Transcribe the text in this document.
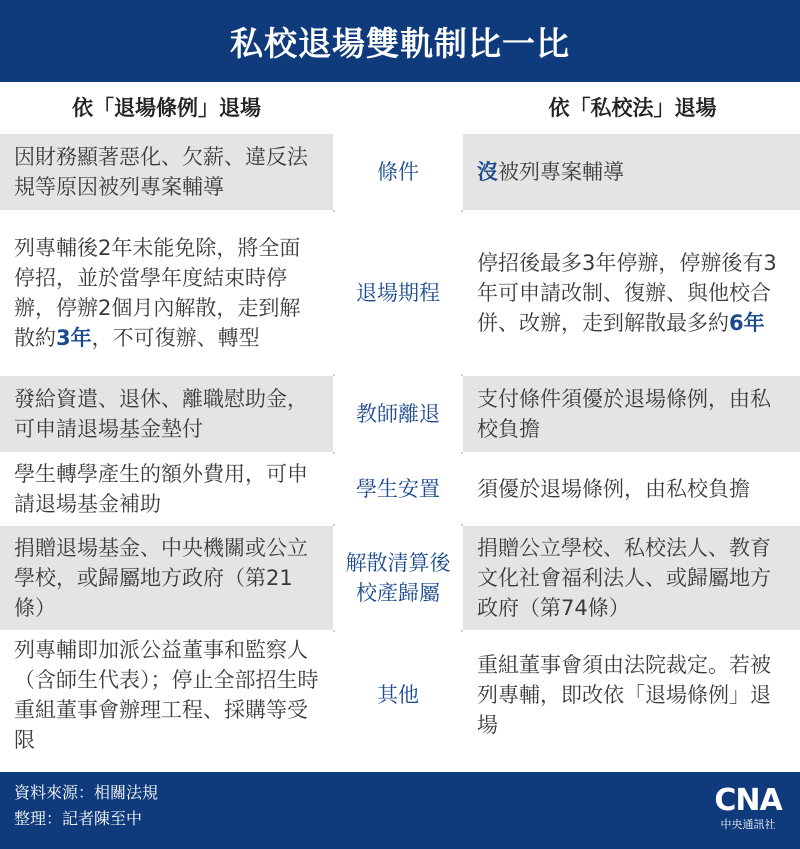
私校退場雙軌制比一比
依「退場條例」退場	依「私校法」退場
因財務顯著惡化、欠薪、違反法規等原因被列專案輔導
條件	沒被列專案輔導
列專輔後2年未能免除，將全面停招，並於當學年度結束時停辦，停辦2個月內解散，走到解散約3年，不可復辦、轉型
退場期程
停招後最多3年停辦，停辦後有3年可申請改制、復辦、與他校合併、改辦，走到解散最多約6年
發給資遣、退休、離職慰助金，可申請退場基金墊付
教師離退
支付條件須優於退場條例，由私校負擔
學生轉學產生的額外費用，可申請退場基金補助
學生安置 須優於退場條例，由私校負擔
捐贈退場基金、中央機關或公立學校，或歸屬地方政府（第21條）
解散清算後校產歸屬
捐贈公立學校、私校法人、教育文化社會福利法人、或歸屬地方政府（第74條）
列專輔即加派公益董事和監察人（含師生代表）；停止全部招生時重組董事會辦理工程、採購等受限
其他
重組董事會須由法院裁定。若被列專輔，即改依「退場條例」退場
資料來源：相關法規
整理：記者陳至中
CNA
中央通訊社
